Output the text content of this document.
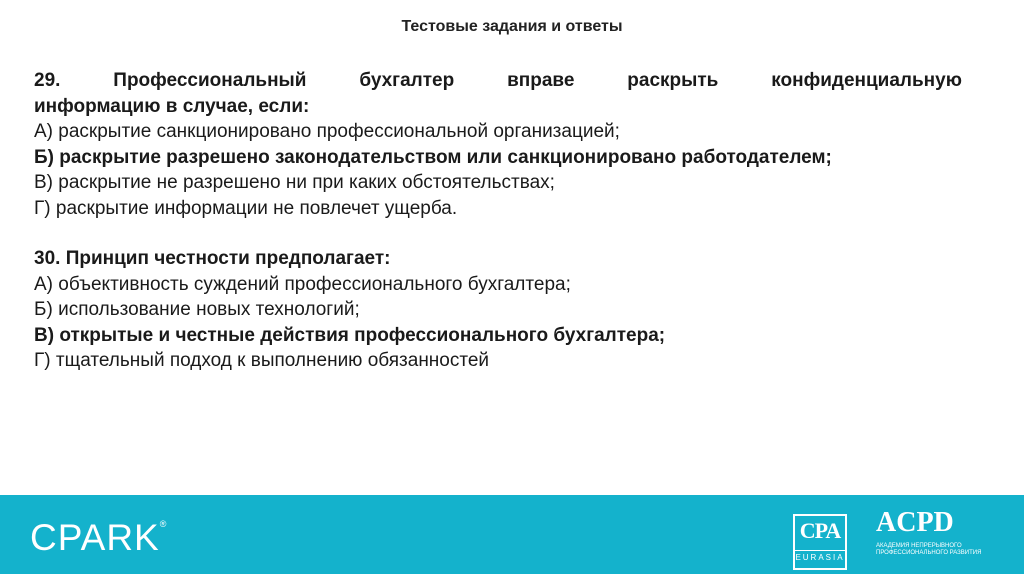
Тестовые задания и ответы
29.	Профессиональный	бухгалтер	вправе	раскрыть	конфиденциальную
информацию в случае, если:
А) раскрытие санкционировано профессиональной организацией;
Б) раскрытие разрешено законодательством или санкционировано работодателем;
В) раскрытие не разрешено ни при каких обстоятельствах;
Г) раскрытие информации не повлечет ущерба.
30. Принцип честности предполагает:
А) объективность суждений профессионального бухгалтера;
Б) использование новых технологий;
В) открытые и честные действия профессионального бухгалтера;
Г) тщательный подход к выполнению обязанностей
CPARK®	CPA
EURASIA
ACPD
АКАДЕМИЯ НЕПРЕРЫВНОГО
ПРОФЕССИОНАЛЬНОГО РАЗВИТИЯ
